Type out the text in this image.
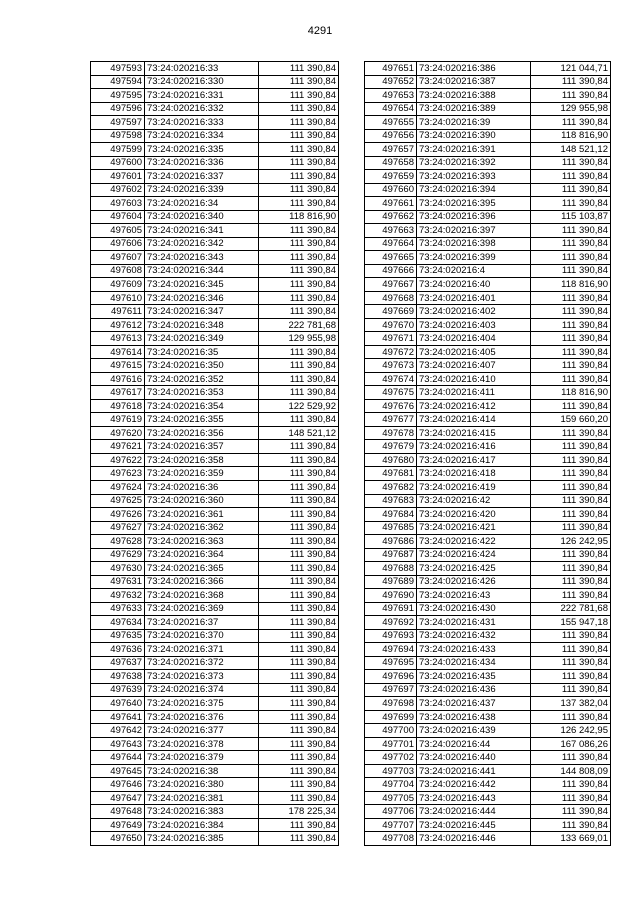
4291
497593	73:24:020216:33	111 390,84
497594	73:24:020216:330	111 390,84
497595	73:24:020216:331	111 390,84
497596	73:24:020216:332	111 390,84
497597	73:24:020216:333	111 390,84
497598	73:24:020216:334	111 390,84
497599	73:24:020216:335	111 390,84
497600	73:24:020216:336	111 390,84
497601	73:24:020216:337	111 390,84
497602	73:24:020216:339	111 390,84
497603	73:24:020216:34	111 390,84
497604	73:24:020216:340	118 816,90
497605	73:24:020216:341	111 390,84
497606	73:24:020216:342	111 390,84
497607	73:24:020216:343	111 390,84
497608	73:24:020216:344	111 390,84
497609	73:24:020216:345	111 390,84
497610	73:24:020216:346	111 390,84
497611	73:24:020216:347	111 390,84
497612	73:24:020216:348	222 781,68
497613	73:24:020216:349	129 955,98
497614	73:24:020216:35	111 390,84
497615	73:24:020216:350	111 390,84
497616	73:24:020216:352	111 390,84
497617	73:24:020216:353	111 390,84
497618	73:24:020216:354	122 529,92
497619	73:24:020216:355	111 390,84
497620	73:24:020216:356	148 521,12
497621	73:24:020216:357	111 390,84
497622	73:24:020216:358	111 390,84
497623	73:24:020216:359	111 390,84
497624	73:24:020216:36	111 390,84
497625	73:24:020216:360	111 390,84
497626	73:24:020216:361	111 390,84
497627	73:24:020216:362	111 390,84
497628	73:24:020216:363	111 390,84
497629	73:24:020216:364	111 390,84
497630	73:24:020216:365	111 390,84
497631	73:24:020216:366	111 390,84
497632	73:24:020216:368	111 390,84
497633	73:24:020216:369	111 390,84
497634	73:24:020216:37	111 390,84
497635	73:24:020216:370	111 390,84
497636	73:24:020216:371	111 390,84
497637	73:24:020216:372	111 390,84
497638	73:24:020216:373	111 390,84
497639	73:24:020216:374	111 390,84
497640	73:24:020216:375	111 390,84
497641	73:24:020216:376	111 390,84
497642	73:24:020216:377	111 390,84
497643	73:24:020216:378	111 390,84
497644	73:24:020216:379	111 390,84
497645	73:24:020216:38	111 390,84
497646	73:24:020216:380	111 390,84
497647	73:24:020216:381	111 390,84
497648	73:24:020216:383	178 225,34
497649	73:24:020216:384	111 390,84
497650	73:24:020216:385	111 390,84
497651	73:24:020216:386	121 044,71
497652	73:24:020216:387	111 390,84
497653	73:24:020216:388	111 390,84
497654	73:24:020216:389	129 955,98
497655	73:24:020216:39	111 390,84
497656	73:24:020216:390	118 816,90
497657	73:24:020216:391	148 521,12
497658	73:24:020216:392	111 390,84
497659	73:24:020216:393	111 390,84
497660	73:24:020216:394	111 390,84
497661	73:24:020216:395	111 390,84
497662	73:24:020216:396	115 103,87
497663	73:24:020216:397	111 390,84
497664	73:24:020216:398	111 390,84
497665	73:24:020216:399	111 390,84
497666	73:24:020216:4	111 390,84
497667	73:24:020216:40	118 816,90
497668	73:24:020216:401	111 390,84
497669	73:24:020216:402	111 390,84
497670	73:24:020216:403	111 390,84
497671	73:24:020216:404	111 390,84
497672	73:24:020216:405	111 390,84
497673	73:24:020216:407	111 390,84
497674	73:24:020216:410	111 390,84
497675	73:24:020216:411	118 816,90
497676	73:24:020216:412	111 390,84
497677	73:24:020216:414	159 660,20
497678	73:24:020216:415	111 390,84
497679	73:24:020216:416	111 390,84
497680	73:24:020216:417	111 390,84
497681	73:24:020216:418	111 390,84
497682	73:24:020216:419	111 390,84
497683	73:24:020216:42	111 390,84
497684	73:24:020216:420	111 390,84
497685	73:24:020216:421	111 390,84
497686	73:24:020216:422	126 242,95
497687	73:24:020216:424	111 390,84
497688	73:24:020216:425	111 390,84
497689	73:24:020216:426	111 390,84
497690	73:24:020216:43	111 390,84
497691	73:24:020216:430	222 781,68
497692	73:24:020216:431	155 947,18
497693	73:24:020216:432	111 390,84
497694	73:24:020216:433	111 390,84
497695	73:24:020216:434	111 390,84
497696	73:24:020216:435	111 390,84
497697	73:24:020216:436	111 390,84
497698	73:24:020216:437	137 382,04
497699	73:24:020216:438	111 390,84
497700	73:24:020216:439	126 242,95
497701	73:24:020216:44	167 086,26
497702	73:24:020216:440	111 390,84
497703	73:24:020216:441	144 808,09
497704	73:24:020216:442	111 390,84
497705	73:24:020216:443	111 390,84
497706	73:24:020216:444	111 390,84
497707	73:24:020216:445	111 390,84
497708	73:24:020216:446	133 669,01
